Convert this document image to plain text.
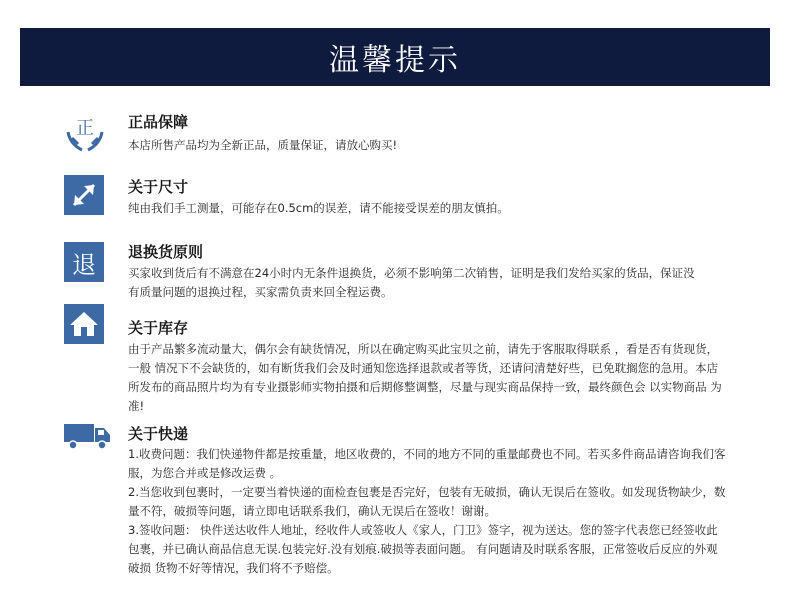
温馨提示
正 正品保障

本店所售产品均为全新正品，质量保证，请放心购买!

关于尺寸

纯由我们手工测量，可能存在0.5cm的误差，请不能接受误差的朋友慎拍。

退 退换货原则

买家收到货后有不满意在24小时内无条件退换货，必须不影响第二次销售，证明是我们发给买家的货品，保证没

有质量问题的退换过程，买家需负责来回全程运费。

关于库存

由于产品繁多流动量大，偶尔会有缺货情况，所以在确定购买此宝贝之前，请先于客服取得联系 ，看是否有货现货，

一般 情况下不会缺货的，如有断货我们会及时通知您选择退款或者等货，还请问清楚好些，已免耽搁您的急用。本店

所发布的商品照片均为有专业摄影师实物拍摄和后期修整调整，尽量与现实商品保持一致，最终颜色会 以实物商品 为

准!

关于快递

1.收费问题：我们快递物件都是按重量，地区收费的，不同的地方不同的重量邮费也不同。若买多件商品请咨询我们客

服，为您合并或是修改运费 。

2.当您收到包裹时，一定要当着快递的面检查包裹是否完好，包装有无破损，确认无误后在签收。如发现货物缺少，数

量不符，破损等问题，请立即电话联系我们，确认无误后在签收！谢谢。

3.签收问题： 快件送达收件人地址，经收件人或签收人《家人，门卫》签字，视为送达。您的签字代表您已经签收此

包裹，并已确认商品信息无误.包装完好.没有划痕.破损等表面问题。 有问题请及时联系客服，正常签收后反应的外观

破损 货物不好等情况，我们将不予赔偿。
